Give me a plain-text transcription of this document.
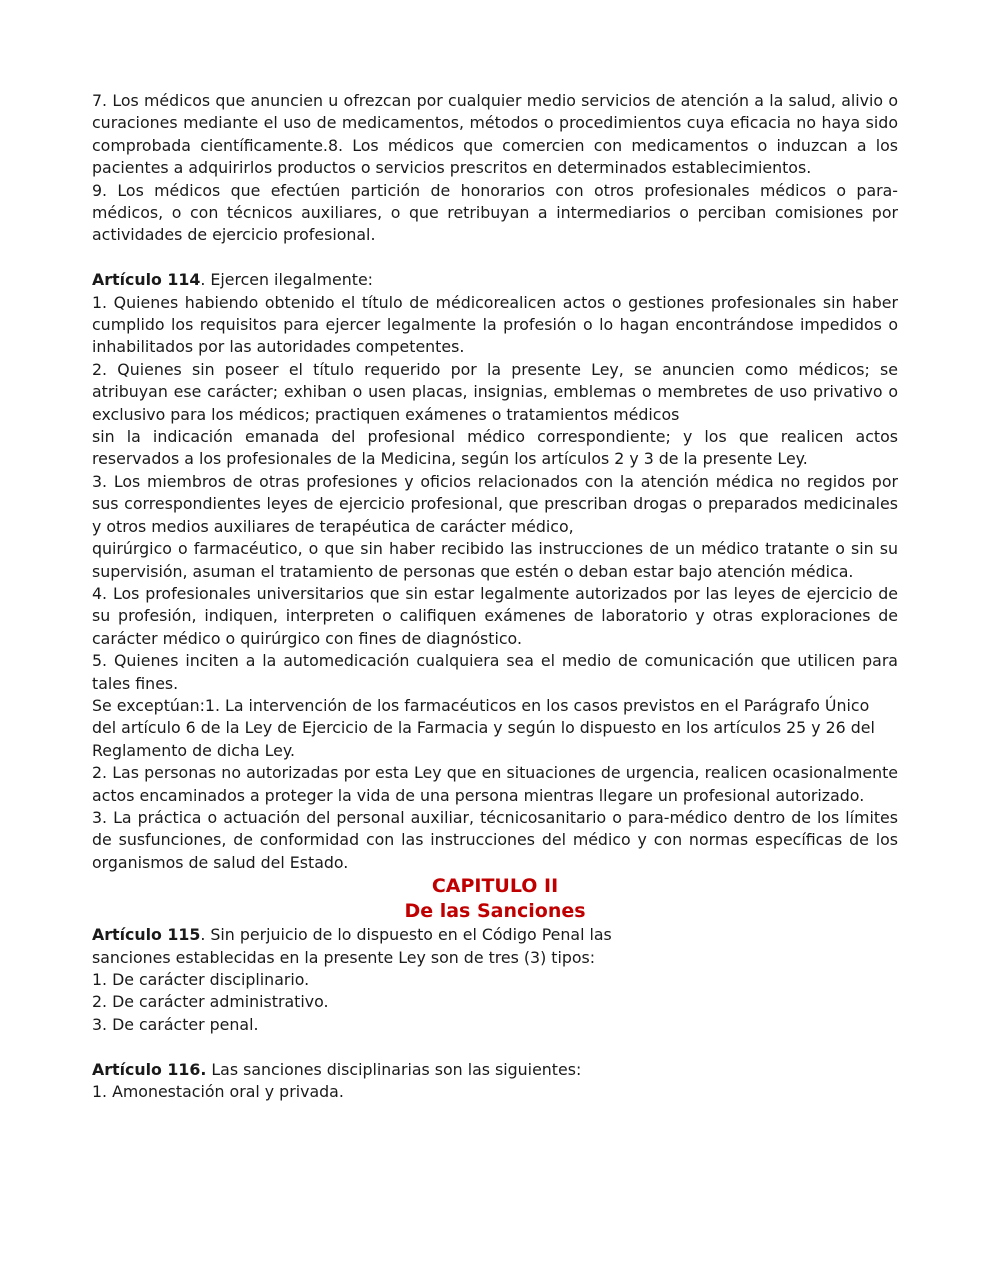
7. Los médicos que anuncien u ofrezcan por cualquier medio servicios de atención a la salud, alivio o curaciones mediante el uso de medicamentos, métodos o procedimientos cuya eficacia no haya sido comprobada científicamente.8. Los médicos que comercien con medicamentos o induzcan a los pacientes a adquirirlos productos o servicios prescritos en determinados establecimientos.
9. Los médicos que efectúen partición de honorarios con otros profesionales médicos o para-médicos, o con técnicos auxiliares, o que retribuyan a intermediarios o perciban comisiones por actividades de ejercicio profesional.
Artículo 114. Ejercen ilegalmente:
1. Quienes habiendo obtenido el título de médicorealicen actos o gestiones profesionales sin haber cumplido los requisitos para ejercer legalmente la profesión o lo hagan encontrándose impedidos o inhabilitados por las autoridades competentes.
2. Quienes sin poseer el título requerido por la presente Ley, se anuncien como médicos; se atribuyan ese carácter; exhiban o usen placas, insignias, emblemas o membretes de uso privativo o exclusivo para los médicos; practiquen exámenes o tratamientos médicos
sin la indicación emanada del profesional médico correspondiente; y los que realicen actos reservados a los profesionales de la Medicina, según los artículos 2 y 3 de la presente Ley.
3. Los miembros de otras profesiones y oficios relacionados con la atención médica no regidos por sus correspondientes leyes de ejercicio profesional, que prescriban drogas o preparados medicinales y otros medios auxiliares de terapéutica de carácter médico,
quirúrgico o farmacéutico, o que sin haber recibido las instrucciones de un médico tratante o sin su supervisión, asuman el tratamiento de personas que estén o deban estar bajo atención médica.
4. Los profesionales universitarios que sin estar legalmente autorizados por las leyes de ejercicio de su profesión, indiquen, interpreten o califiquen exámenes de laboratorio y otras exploraciones de carácter médico o quirúrgico con fines de diagnóstico.
5. Quienes inciten a la automedicación cualquiera sea el medio de comunicación que utilicen para tales fines.
Se exceptúan:1. La intervención de los farmacéuticos en los casos previstos en el Parágrafo Único del artículo 6 de la Ley de Ejercicio de la Farmacia y según lo dispuesto en los artículos 25 y 26 del Reglamento de dicha Ley.
2. Las personas no autorizadas por esta Ley que en situaciones de urgencia, realicen ocasionalmente actos encaminados a proteger la vida de una persona mientras llegare un profesional autorizado.
3. La práctica o actuación del personal auxiliar, técnicosanitario o para-médico dentro de los límites de susfunciones, de conformidad con las instrucciones del médico y con normas específicas de los organismos de salud del Estado.
CAPITULO II
De las Sanciones
Artículo 115. Sin perjuicio de lo dispuesto en el Código Penal las
sanciones establecidas en la presente Ley son de tres (3) tipos:
1. De carácter disciplinario.
2. De carácter administrativo.
3. De carácter penal.
Artículo 116. Las sanciones disciplinarias son las siguientes:
1. Amonestación oral y privada.
